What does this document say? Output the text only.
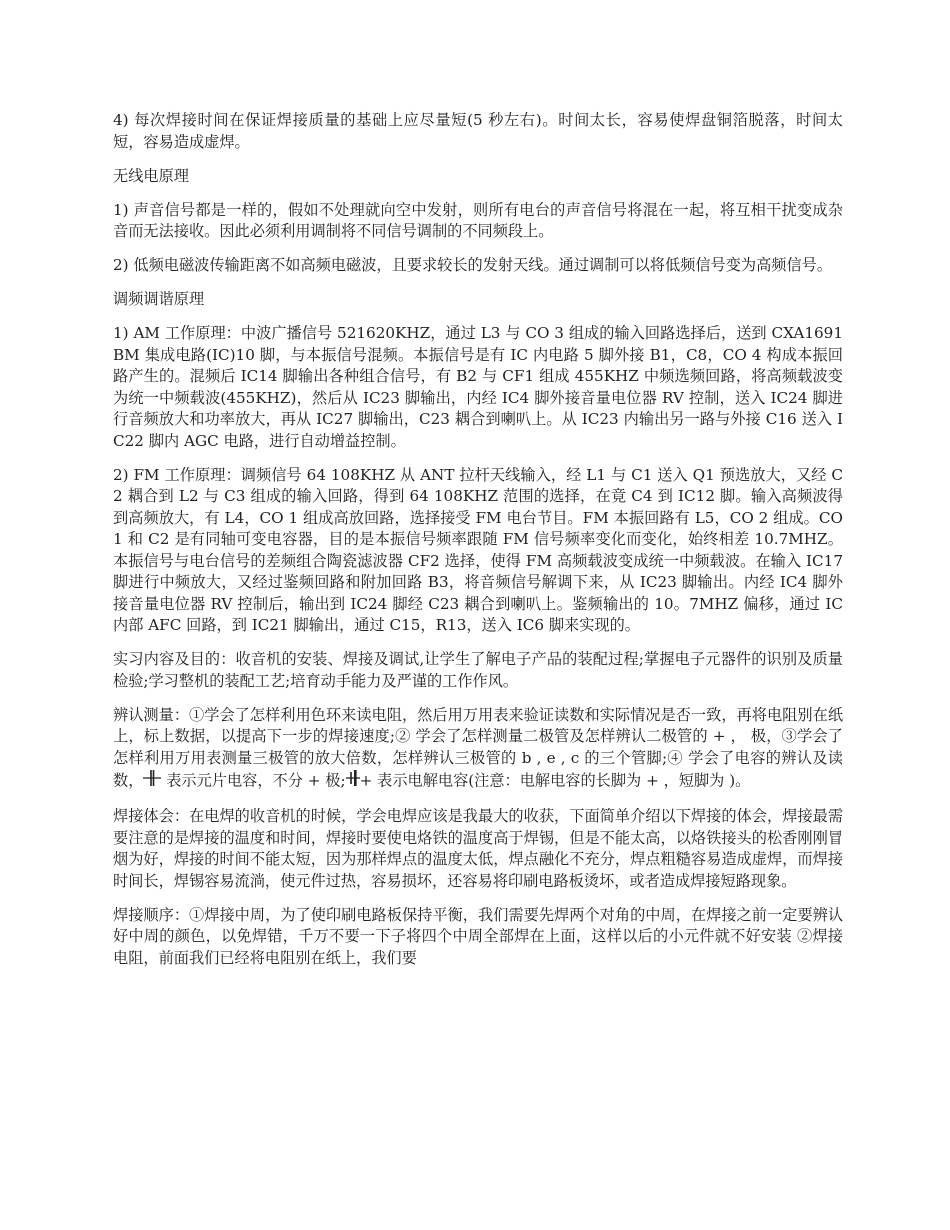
4) 每次焊接时间在保证焊接质量的基础上应尽量短(5 秒左右)。时间太长，容易使焊盘铜箔脱落，时间太短，容易造成虚焊。

无线电原理

1) 声音信号都是一样的，假如不处理就向空中发射，则所有电台的声音信号将混在一起，将互相干扰变成杂音而无法接收。因此必须利用调制将不同信号调制的不同频段上。

2) 低频电磁波传输距离不如高频电磁波，且要求较长的发射天线。通过调制可以将低频信号变为高频信号。

调频调谐原理

1) AM 工作原理：中波广播信号 521620KHZ，通过 L3 与 CO 3 组成的输入回路选择后，送到 CXA1691BM 集成电路(IC)10 脚，与本振信号混频。本振信号是有 IC 内电路 5 脚外接 B1，C8，CO 4 构成本振回路产生的。混频后 IC14 脚输出各种组合信号，有 B2 与 CF1 组成 455KHZ 中频选频回路，将高频载波变为统一中频载波(455KHZ)，然后从 IC23 脚输出，内经 IC4 脚外接音量电位器 RV 控制，送入 IC24 脚进行音频放大和功率放大，再从 IC27 脚输出，C23 耦合到喇叭上。从 IC23 内输出另一路与外接 C16 送入 IC22 脚内 AGC 电路，进行自动增益控制。

2) FM 工作原理：调频信号 64 108KHZ 从 ANT 拉杆天线输入，经 L1 与 C1 送入 Q1 预选放大，又经 C2 耦合到 L2 与 C3 组成的输入回路，得到 64 108KHZ 范围的选择，在竟 C4 到 IC12 脚。输入高频波得到高频放大，有 L4，CO 1 组成高放回路，选择接受 FM 电台节目。FM 本振回路有 L5，CO 2 组成。CO 1 和 C2 是有同轴可变电容器，目的是本振信号频率跟随 FM 信号频率变化而变化，始终相差 10.7MHZ。本振信号与电台信号的差频组合陶瓷滤波器 CF2 选择，使得 FM 高频载波变成统一中频载波。在输入 IC17 脚进行中频放大，又经过鉴频回路和附加回路 B3，将音频信号解调下来，从 IC23 脚输出。内经 IC4 脚外接音量电位器 RV 控制后，输出到 IC24 脚经 C23 耦合到喇叭上。鉴频输出的 10。7MHZ 偏移，通过 IC 内部 AFC 回路，到 IC21 脚输出，通过 C15，R13，送入 IC6 脚来实现的。

实习内容及目的：收音机的安装、焊接及调试,让学生了解电子产品的装配过程;掌握电子元器件的识别及质量检验;学习整机的装配工艺;培育动手能力及严谨的工作作风。

辨认测量：①学会了怎样利用色环来读电阻，然后用万用表来验证读数和实际情况是否一致，再将电阻别在纸上，标上数据，以提高下一步的焊接速度;② 学会了怎样测量二极管及怎样辨认二极管的 + ， 极，③学会了怎样利用万用表测量三极管的放大倍数，怎样辨认三极管的 b , e , c 的三个管脚;④ 学会了电容的辨认及读数， 表示元片电容，不分 + 极; + 表示电解电容(注意：电解电容的长脚为 + ，短脚为 )。

焊接体会：在电焊的收音机的时候，学会电焊应该是我最大的收获，下面简单介绍以下焊接的体会，焊接最需要注意的是焊接的温度和时间，焊接时要使电烙铁的温度高于焊锡，但是不能太高，以烙铁接头的松香刚刚冒烟为好，焊接的时间不能太短，因为那样焊点的温度太低，焊点融化不充分，焊点粗糙容易造成虚焊，而焊接时间长，焊锡容易流淌，使元件过热，容易损坏，还容易将印刷电路板烫坏，或者造成焊接短路现象。

焊接顺序：①焊接中周，为了使印刷电路板保持平衡，我们需要先焊两个对角的中周，在焊接之前一定要辨认好中周的颜色，以免焊错，千万不要一下子将四个中周全部焊在上面，这样以后的小元件就不好安装 ②焊接电阻，前面我们已经将电阻别在纸上，我们要
